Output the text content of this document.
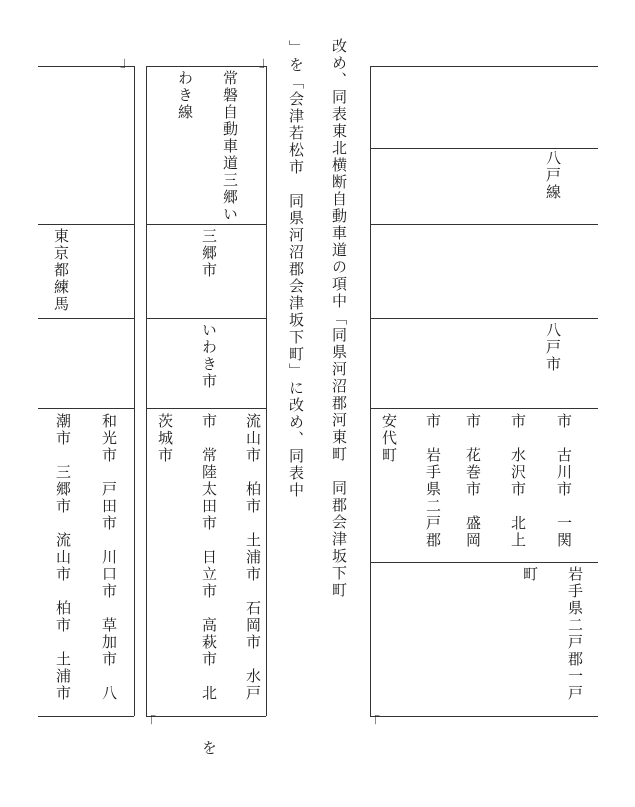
改め、同表東北横断自動車道の項中「同県河沼郡河東町　同郡会津坂下町
」を「会津若松市　同県河沼郡会津坂下町」に改め、同表中	八戸線
八戸市
市　古川市　一関
岩手県二戸郡一戸
市　水沢市　北上
町
市　花巻市　盛岡
市　岩手県二戸郡
安代町
「
」
「
常磐自動車道三郷い
わき線
三郷市
いわき市
流山市　柏市　土浦市　石岡市　水戸
市　常陸太田市　日立市　高萩市　北
茨城市
を
」
東京都練馬
和光市　戸田市　川口市　草加市　八
潮市　三郷市　流山市　柏市　土浦市
